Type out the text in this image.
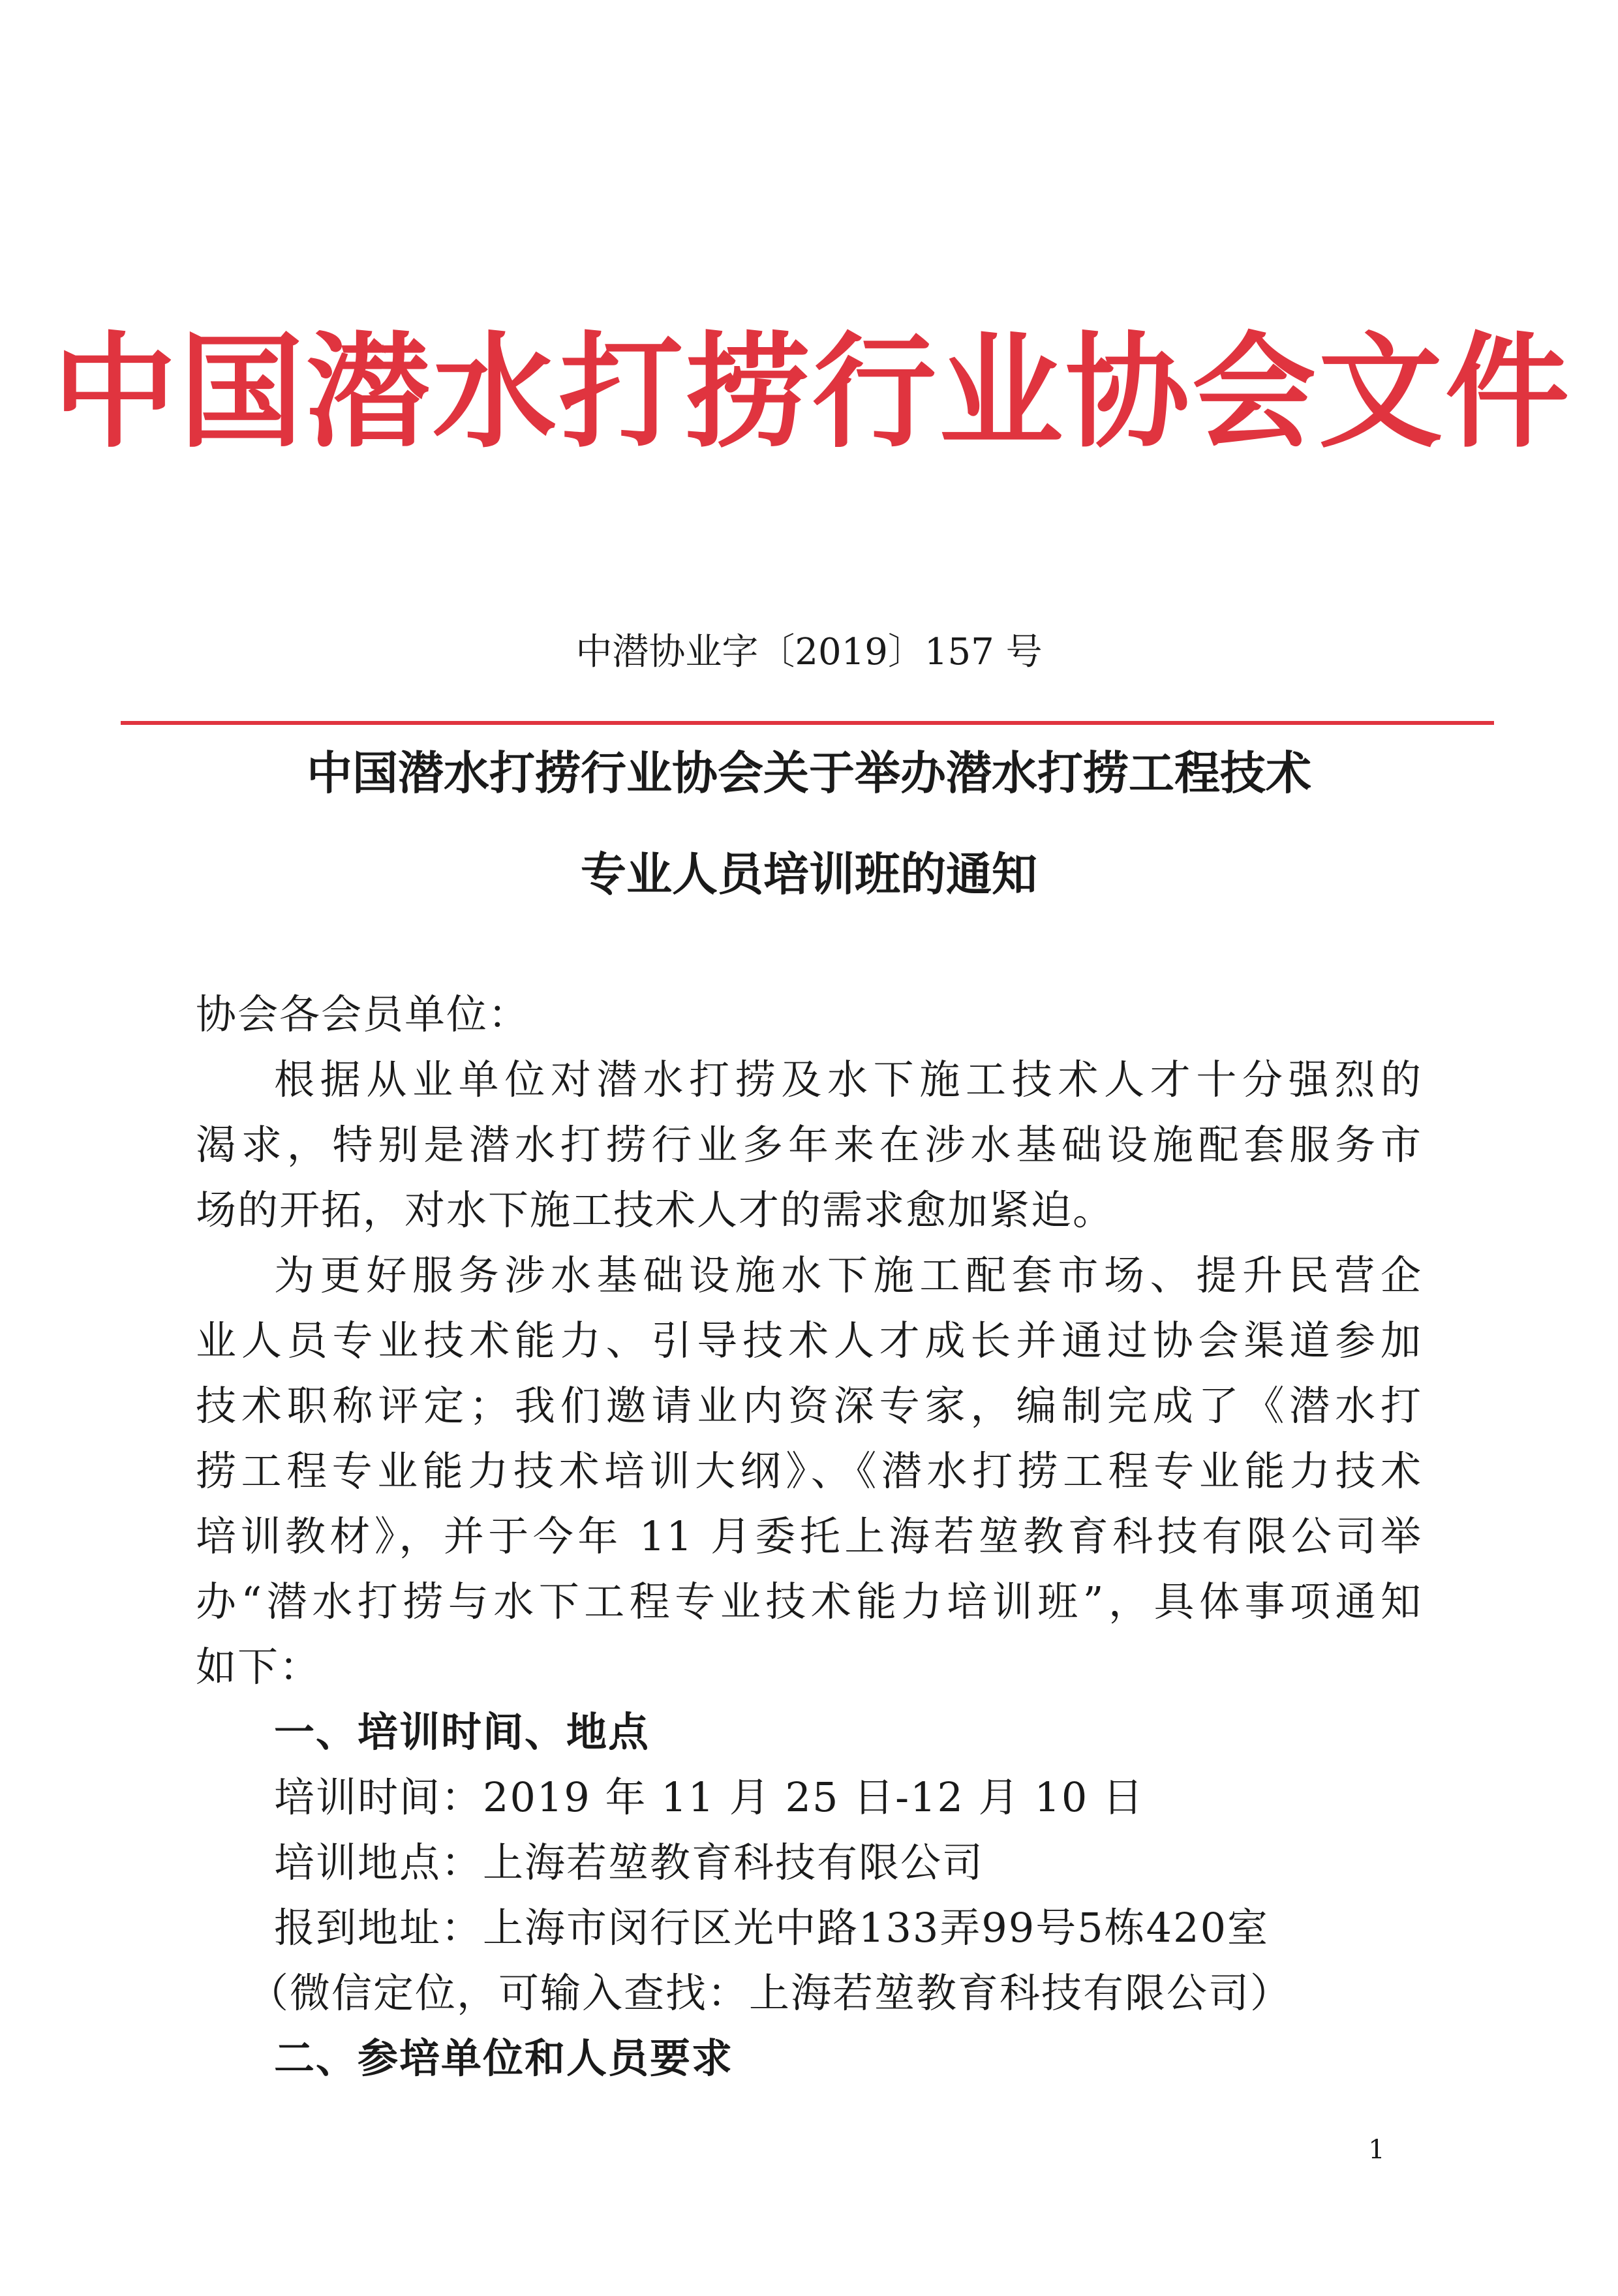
中国潜水打捞行业协会文件
中潜协业字〔2019〕157 号
中国潜水打捞行业协会关于举办潜水打捞工程技术
专业人员培训班的通知
协会各会员单位：
根据从业单位对潜水打捞及水下施工技术人才十分强烈的
渴求，特别是潜水打捞行业多年来在涉水基础设施配套服务市
场的开拓，对水下施工技术人才的需求愈加紧迫。
为更好服务涉水基础设施水下施工配套市场、提升民营企
业人员专业技术能力、引导技术人才成长并通过协会渠道参加
技术职称评定；我们邀请业内资深专家，编制完成了《潜水打
捞工程专业能力技术培训大纲》、《潜水打捞工程专业能力技术
培训教材》，并于今年 11 月委托上海若堃教育科技有限公司举
办“潜水打捞与水下工程专业技术能力培训班”，具体事项通知
如下：
一、培训时间、地点
培训时间：2019 年 11 月 25 日-12 月 10 日
培训地点：上海若堃教育科技有限公司
报到地址：上海市闵行区光中路133弄99号5栋420室
（微信定位，可输入查找：上海若堃教育科技有限公司）
二、参培单位和人员要求
1
